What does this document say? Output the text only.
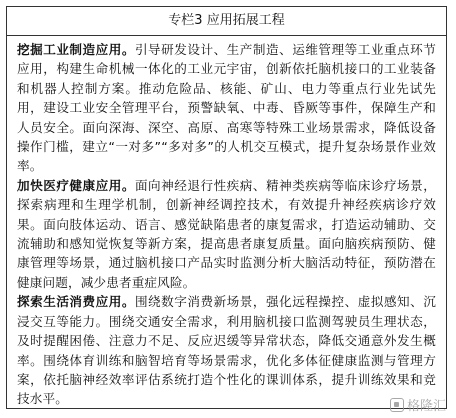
专栏3 应用拓展工程

挖掘工业制造应用。引导研发设计、生产制造、运维管理等工业重点环节应用，构建生命机械一体化的工业元宇宙，创新依托脑机接口的工业装备和机器人控制方案。推动危险品、核能、矿山、电力等重点行业先试先用，建设工业安全管理平台，预警缺氧、中毒、昏厥等事件，保障生产和人员安全。面向深海、深空、高原、高寒等特殊工业场景需求，降低设备操作门槛，建立“一对多”“多对多”的人机交互模式，提升复杂场景作业效率。

加快医疗健康应用。面向神经退行性疾病、精神类疾病等临床诊疗场景，探索病理和生理学机制，创新神经调控技术，有效提升神经疾病诊疗效果。面向肢体运动、语言、感觉缺陷患者的康复需求，打造运动辅助、交流辅助和感知觉恢复等新方案，提高患者康复质量。面向脑疾病预防、健康管理等场景，通过脑机接口产品实时监测分析大脑活动特征，预防潜在健康问题，减少患者重症风险。

探索生活消费应用。围绕数字消费新场景，强化远程操控、虚拟感知、沉浸交互等能力。围绕交通安全需求，利用脑机接口监测驾驶员生理状态，及时提醒困倦、注意力不足、反应迟缓等异常状态，降低交通意外发生概率。围绕体育训练和脑智培育等场景需求，优化多体征健康监测与管理方案，依托脑神经效率评估系统打造个性化的课训体系，提升训练效果和竞技水平。

格隆汇
